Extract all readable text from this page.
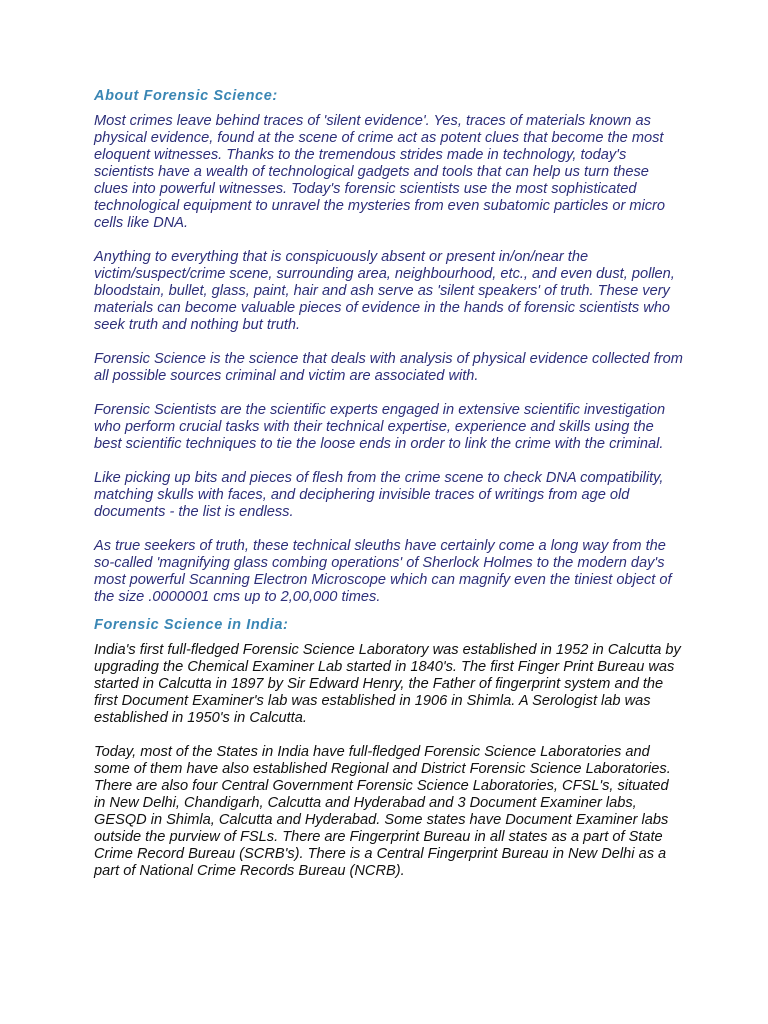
About Forensic Science:

Most crimes leave behind traces of 'silent evidence'. Yes, traces of materials known as physical evidence, found at the scene of crime act as potent clues that become the most eloquent witnesses. Thanks to the tremendous strides made in technology, today's scientists have a wealth of technological gadgets and tools that can help us turn these clues into powerful witnesses. Today's forensic scientists use the most sophisticated technological equipment to unravel the mysteries from even subatomic particles or micro cells like DNA.

Anything to everything that is conspicuously absent or present in/on/near the victim/suspect/crime scene, surrounding area, neighbourhood, etc., and even dust, pollen, bloodstain, bullet, glass, paint, hair and ash serve as 'silent speakers' of truth. These very materials can become valuable pieces of evidence in the hands of forensic scientists who seek truth and nothing but truth.

Forensic Science is the science that deals with analysis of physical evidence collected from all possible sources criminal and victim are associated with.

Forensic Scientists are the scientific experts engaged in extensive scientific investigation who perform crucial tasks with their technical expertise, experience and skills using the best scientific techniques to tie the loose ends in order to link the crime with the criminal.

Like picking up bits and pieces of flesh from the crime scene to check DNA compatibility, matching skulls with faces, and deciphering invisible traces of writings from age old documents - the list is endless.

As true seekers of truth, these technical sleuths have certainly come a long way from the so-called 'magnifying glass combing operations' of Sherlock Holmes to the modern day's most powerful Scanning Electron Microscope which can magnify even the tiniest object of the size .0000001 cms up to 2,00,000 times.

Forensic Science in India:

India's first full-fledged Forensic Science Laboratory was established in 1952 in Calcutta by upgrading the Chemical Examiner Lab started in 1840's. The first Finger Print Bureau was started in Calcutta in 1897 by Sir Edward Henry, the Father of fingerprint system and the first Document Examiner's lab was established in 1906 in Shimla. A Serologist lab was established in 1950's in Calcutta.

Today, most of the States in India have full-fledged Forensic Science Laboratories and some of them have also established Regional and District Forensic Science Laboratories. There are also four Central Government Forensic Science Laboratories, CFSL's, situated in New Delhi, Chandigarh, Calcutta and Hyderabad and 3 Document Examiner labs, GESQD in Shimla, Calcutta and Hyderabad. Some states have Document Examiner labs outside the purview of FSLs. There are Fingerprint Bureau in all states as a part of State Crime Record Bureau (SCRB's). There is a Central Fingerprint Bureau in New Delhi as a part of National Crime Records Bureau (NCRB).
